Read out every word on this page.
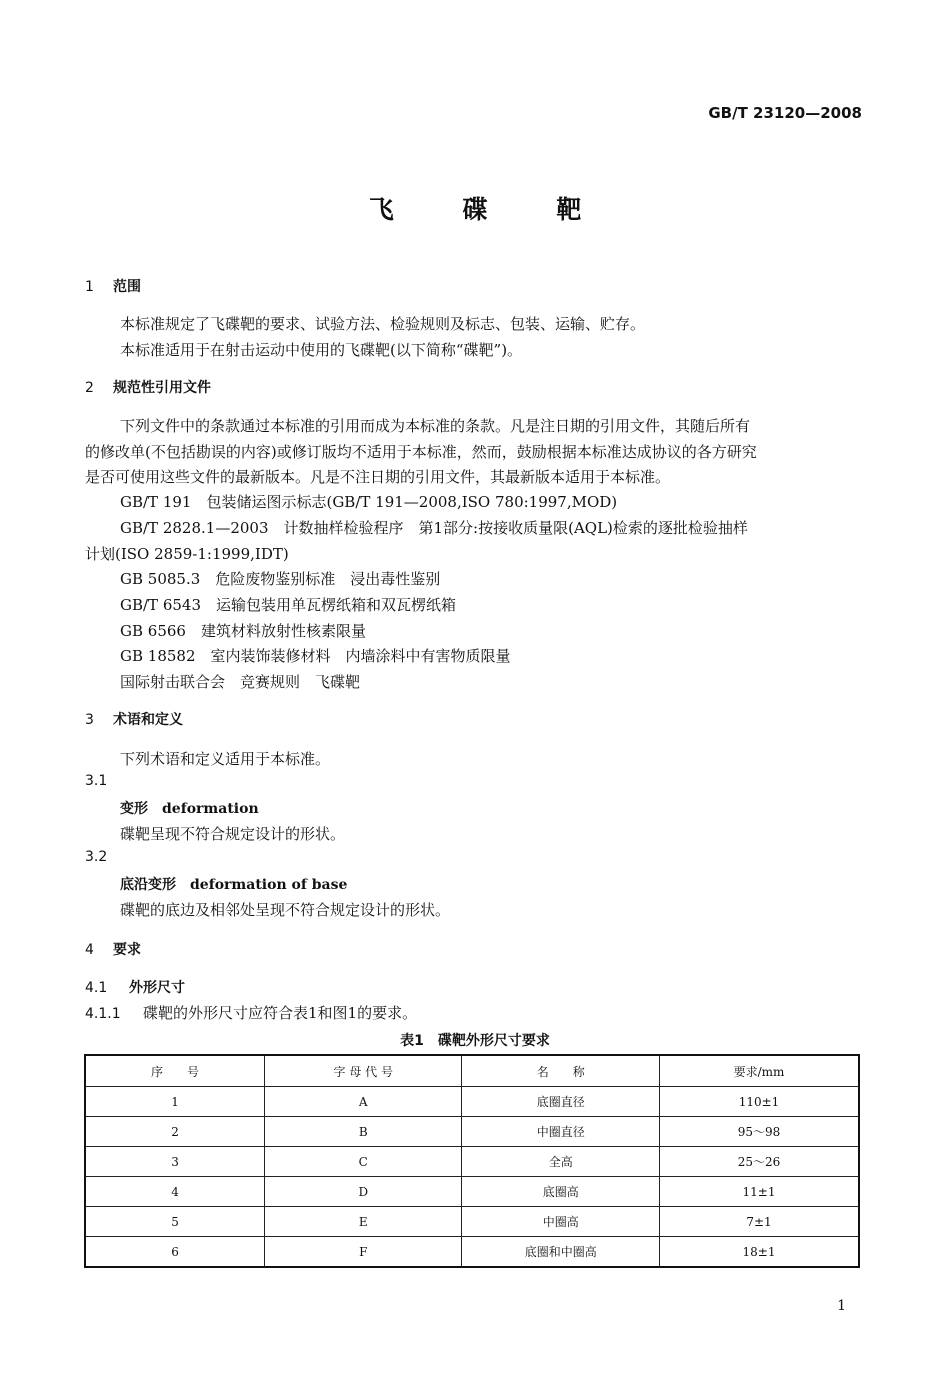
GB/T 23120—2008
飞	碟	靶
1 范围
本标准规定了飞碟靶的要求、试验方法、检验规则及标志、包装、运输、贮存。
本标准适用于在射击运动中使用的飞碟靶(以下简称“碟靶”)。
2 规范性引用文件
下列文件中的条款通过本标准的引用而成为本标准的条款。凡是注日期的引用文件，其随后所有
的修改单(不包括勘误的内容)或修订版均不适用于本标准，然而，鼓励根据本标准达成协议的各方研究
是否可使用这些文件的最新版本。凡是不注日期的引用文件，其最新版本适用于本标准。
GB/T 191　包装储运图示标志(GB/T 191—2008,ISO 780:1997,MOD)
GB/T 2828.1—2003　计数抽样检验程序　第1部分:按接收质量限(AQL)检索的逐批检验抽样
计划(ISO 2859-1:1999,IDT)
GB 5085.3　危险废物鉴别标准　浸出毒性鉴别
GB/T 6543　运输包装用单瓦楞纸箱和双瓦楞纸箱
GB 6566　建筑材料放射性核素限量
GB 18582　室内装饰装修材料　内墙涂料中有害物质限量
国际射击联合会　竞赛规则　飞碟靶
3 术语和定义
下列术语和定义适用于本标准。
3.1
变形 deformation
碟靶呈现不符合规定设计的形状。
3.2
底沿变形 deformation of base
碟靶的底边及相邻处呈现不符合规定设计的形状。
4 要求
4.1 外形尺寸
4.1.1 碟靶的外形尺寸应符合表1和图1的要求。
表1　碟靶外形尺寸要求
序　　号	字 母 代 号	名　　称	要求/mm
1	A	底圈直径	110±1
2	B	中圈直径	95～98
3	C	全高	25～26
4	D	底圈高	11±1
5	E	中圈高	7±1
6	F	底圈和中圈高	18±1
1
